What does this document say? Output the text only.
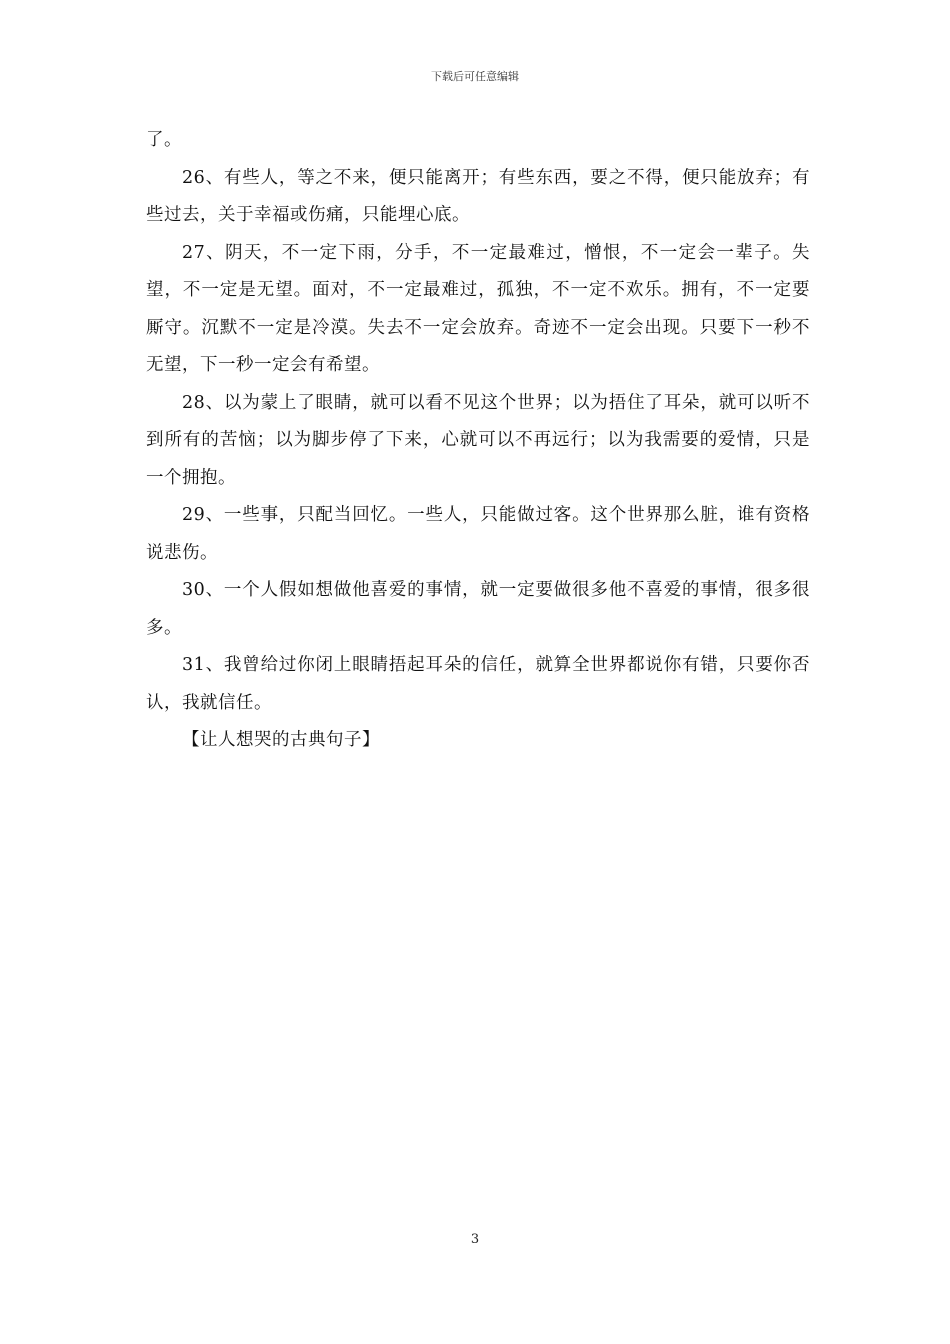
下载后可任意编辑

了。

26、有些人，等之不来，便只能离开；有些东西，要之不得，便只能放弃；有些过去，关于幸福或伤痛，只能埋心底。

27、阴天，不一定下雨，分手，不一定最难过，憎恨，不一定会一辈子。失望，不一定是无望。面对，不一定最难过，孤独，不一定不欢乐。拥有，不一定要厮守。沉默不一定是冷漠。失去不一定会放弃。奇迹不一定会出现。只要下一秒不无望，下一秒一定会有希望。

28、以为蒙上了眼睛，就可以看不见这个世界；以为捂住了耳朵，就可以听不到所有的苦恼；以为脚步停了下来，心就可以不再远行；以为我需要的爱情，只是一个拥抱。

29、一些事，只配当回忆。一些人，只能做过客。这个世界那么脏，谁有资格说悲伤。

30、一个人假如想做他喜爱的事情，就一定要做很多他不喜爱的事情，很多很多。

31、我曾给过你闭上眼睛捂起耳朵的信任，就算全世界都说你有错，只要你否认，我就信任。

【让人想哭的古典句子】

3
